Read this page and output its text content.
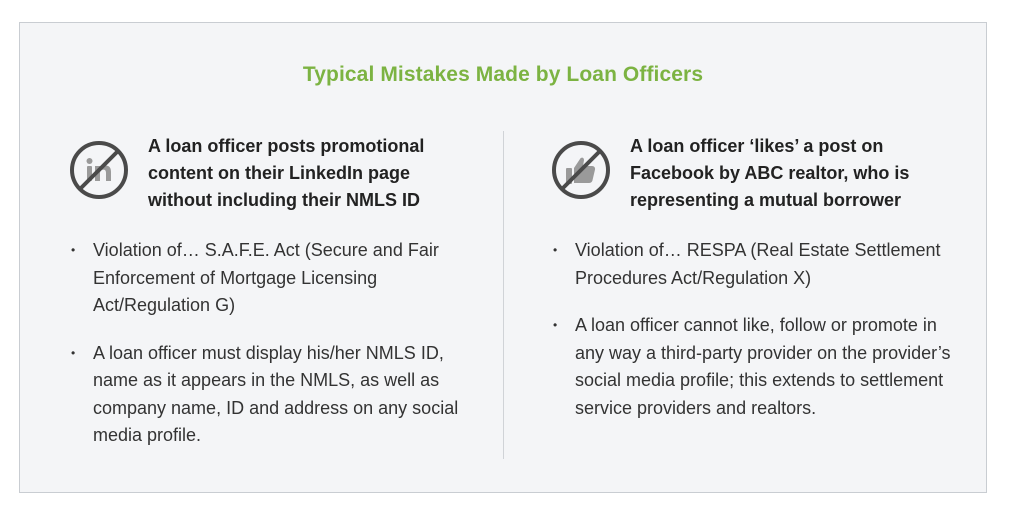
Typical Mistakes Made by Loan Officers
A loan officer posts promotional content on their LinkedIn page without including their NMLS ID
• Violation of… S.A.F.E. Act (Secure and Fair Enforcement of Mortgage Licensing Act/Regulation G)
• A loan officer must display his/her NMLS ID, name as it appears in the NMLS, as well as company name, ID and address on any social media profile.
A loan officer ‘likes’ a post on Facebook by ABC realtor, who is representing a mutual borrower
• Violation of… RESPA (Real Estate Settlement Procedures Act/Regulation X)
• A loan officer cannot like, follow or promote in any way a third-party provider on the provider’s social media profile; this extends to settlement service providers and realtors.
